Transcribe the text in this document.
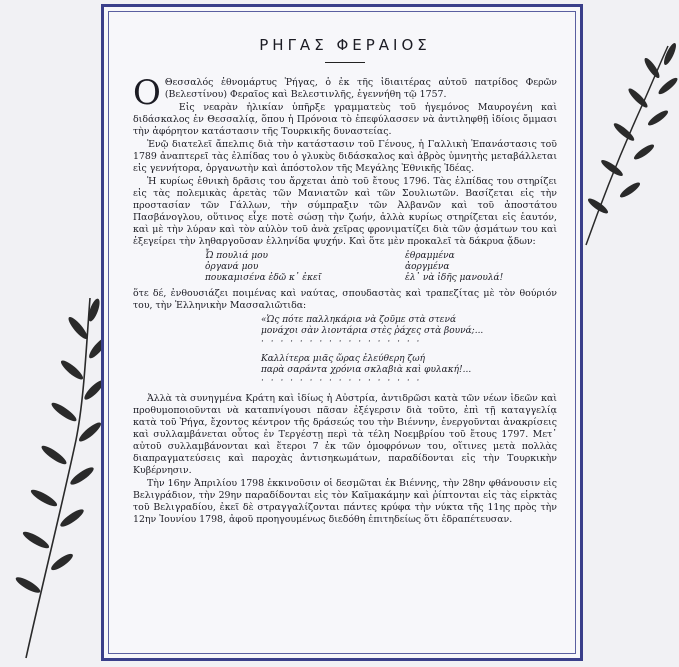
ΡΗΓΑΣ ΦΕΡΑΙΟΣ

Ο Θεσσαλός ἐθνομάρτυς Ῥήγας, ὁ ἐκ τῆς ἰδιαιτέρας αὐτοῦ πατρίδος Φερῶν (Βελεστίνου) Φεραῖος καὶ Βελεστινλῆς, ἐγεννήθη τῷ 1757.

Εἰς νεαρὰν ἡλικίαν ὑπῆρξε γραμματεὺς τοῦ ἡγεμόνος Μαυρογένη καὶ διδάσκαλος ἐν Θεσσαλίᾳ, ὅπου ἡ Πρόνοια τὸ ἐπεφύλασσεν νὰ ἀντιληφθῇ ἰδίοις ὄμμασι τὴν ἀφόρητον κατάστασιν τῆς Τουρκικῆς δυναστείας.

Ἐνῷ διατελεῖ ἄπελπις διὰ τὴν κατάστασιν τοῦ Γένους, ἡ Γαλλικὴ Ἐπανάστασις τοῦ 1789 ἀναπτερεῖ τὰς ἐλπίδας του ὁ γλυκὺς διδάσκαλος καὶ ἁβρὸς ὑμνητὴς μεταβάλλεται εἰς γεννήτορα, ὀργανωτὴν καὶ ἀπόστολον τῆς Μεγάλης Ἐθνικῆς Ἰδέας.

Ἡ κυρίως ἐθνικὴ δρᾶσις του ἄρχεται ἀπὸ τοῦ ἔτους 1796. Τὰς ἐλπίδας του στηρίζει εἰς τὰς πολεμικὰς ἀρετὰς τῶν Μανιατῶν καὶ τῶν Σουλιωτῶν. Βασίζεται εἰς τὴν προστασίαν τῶν Γάλλων, τὴν σύμπραξιν τῶν Ἀλβανῶν καὶ τοῦ ἀποστάτου Πασβάνογλου, οὕτινος εἶχε ποτὲ σώσῃ τὴν ζωήν, ἀλλὰ κυρίως στηρίζεται εἰς ἑαυτόν, καὶ μὲ τὴν λύραν καὶ τὸν αὐλὸν τοῦ ἀνὰ χεῖρας φρονιματίζει διὰ τῶν ᾀσμάτων του καὶ ἐξεγείρει τὴν ληθαργοῦσαν ἑλληνίδα ψυχήν. Καὶ ὅτε μὲν προκαλεῖ τὰ δάκρυα ᾄδων:

Ὦ πουλιά μου
ὀργανά μου
πουκαμισένα ἐδῶ κ᾽ ἐκεῖ
ἐθραμμένα
ἀοργμένα
ἐλ᾽ νὰ ἰδῆς μανουλά!

ὅτε δέ, ἐνθουσιάζει ποιμένας καὶ ναύτας, σπουδαστὰς καὶ τραπεζίτας μὲ τὸν θούριόν του, τὴν Ἑλληνικὴν Μασσαλιῶτιδα:

«Ὡς πότε παλληκάρια νὰ ζοῦμε στὰ στενά
μονάχοι σὰν λιοντάρια στὲς ῥάχες στὰ βουνά;...
· · · · · · · · · · · · · · · · ·
Καλλίτερα μιᾶς ὥρας ἐλεύθερη ζωή
παρὰ σαράντα χρόνια σκλαβιὰ καὶ φυλακή!...
· · · · · · · · · · · · · · · · ·

Ἀλλὰ τὰ συνηγμένα Κράτη καὶ ἰδίως ἡ Αὐστρία, ἀντιδρῶσι κατὰ τῶν νέων ἰδεῶν καὶ προθυμοποιοῦνται νὰ καταπνίγουσι πᾶσαν ἐξέγερσιν διὰ τοῦτο, ἐπὶ τῇ καταγγελίᾳ κατὰ τοῦ Ῥήγα, ἔχοντος κέντρον τῆς δράσεώς του τὴν Βιέννην, ἐνεργοῦνται ἀνακρίσεις καὶ συλλαμβάνεται οὗτος ἐν Τεργέστῃ περὶ τὰ τέλη Νοεμβρίου τοῦ ἔτους 1797. Μετ᾽ αὐτοῦ συλλαμβάνονται καὶ ἕτεροι 7 ἐκ τῶν ὁμοφρόνων του, οἵτινες μετὰ πολλὰς διαπραγματεύσεις καὶ παροχὰς ἀντισηκωμάτων, παραδίδονται εἰς τὴν Τουρκικὴν Κυβέρνησιν.

Τὴν 16ην Ἀπριλίου 1798 ἐκκινοῦσιν οἱ δεσμῶται ἐκ Βιέννης, τὴν 28ην φθάνουσιν εἰς Βελιγράδιον, τὴν 29ην παραδίδονται εἰς τὸν Καϊμακάμην καὶ ῥίπτονται εἰς τὰς εἱρκτὰς τοῦ Βελιγραδίου, ἐκεῖ δὲ στραγγαλίζονται πάντες κρύφα τὴν νύκτα τῆς 11ης πρὸς τὴν 12ην Ἰουνίου 1798, ἀφοῦ προηγουμένως διεδόθη ἐπιτηδείως ὅτι ἐδραπέτευσαν.
